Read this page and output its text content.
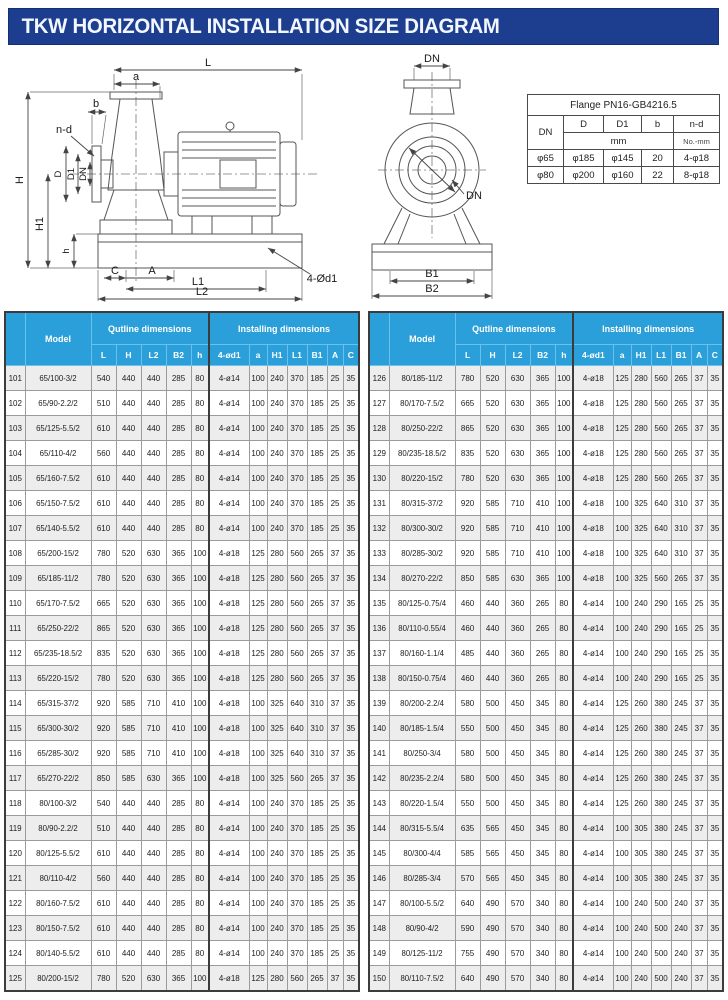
TKW HORIZONTAL INSTALLATION SIZE DIAGRAM
L
a
b
n-d
H
H1
D D1 DN
h
C	A
L1
L2
4-Ød1
DN
DN
B1
B2
Flange PN16-GB4216.5				
DN	D	D1	b	n-d
	mm			No.-mm
φ65	φ185	φ145	20	4-φ18
φ80	φ200	φ160	22	8-φ18
	Model	Qutline dimensions					Installing dimensions						
		L	H	L2	B2	h	4-ød1	a	H1	L1	B1	A	C
101	65/100-3/2	540	440	440	285	80	4-ø14	100	240	370	185	25	35
102	65/90-2.2/2	510	440	440	285	80	4-ø14	100	240	370	185	25	35
103	65/125-5.5/2	610	440	440	285	80	4-ø14	100	240	370	185	25	35
104	65/110-4/2	560	440	440	285	80	4-ø14	100	240	370	185	25	35
105	65/160-7.5/2	610	440	440	285	80	4-ø14	100	240	370	185	25	35
106	65/150-7.5/2	610	440	440	285	80	4-ø14	100	240	370	185	25	35
107	65/140-5.5/2	610	440	440	285	80	4-ø14	100	240	370	185	25	35
108	65/200-15/2	780	520	630	365	100	4-ø18	125	280	560	265	37	35
109	65/185-11/2	780	520	630	365	100	4-ø18	125	280	560	265	37	35
110	65/170-7.5/2	665	520	630	365	100	4-ø18	125	280	560	265	37	35
111	65/250-22/2	865	520	630	365	100	4-ø18	125	280	560	265	37	35
112	65/235-18.5/2	835	520	630	365	100	4-ø18	125	280	560	265	37	35
113	65/220-15/2	780	520	630	365	100	4-ø18	125	280	560	265	37	35
114	65/315-37/2	920	585	710	410	100	4-ø18	100	325	640	310	37	35
115	65/300-30/2	920	585	710	410	100	4-ø18	100	325	640	310	37	35
116	65/285-30/2	920	585	710	410	100	4-ø18	100	325	640	310	37	35
117	65/270-22/2	850	585	630	365	100	4-ø18	100	325	560	265	37	35
118	80/100-3/2	540	440	440	285	80	4-ø14	100	240	370	185	25	35
119	80/90-2.2/2	510	440	440	285	80	4-ø14	100	240	370	185	25	35
120	80/125-5.5/2	610	440	440	285	80	4-ø14	100	240	370	185	25	35
121	80/110-4/2	560	440	440	285	80	4-ø14	100	240	370	185	25	35
122	80/160-7.5/2	610	440	440	285	80	4-ø14	100	240	370	185	25	35
123	80/150-7.5/2	610	440	440	285	80	4-ø14	100	240	370	185	25	35
124	80/140-5.5/2	610	440	440	285	80	4-ø14	100	240	370	185	25	35
125	80/200-15/2	780	520	630	365	100	4-ø18	125	280	560	265	37	35
	Model	Qutline dimensions					Installing dimensions						
		L	H	L2	B2	h	4-ød1	a	H1	L1	B1	A	C
126	80/185-11/2	780	520	630	365	100	4-ø18	125	280	560	265	37	35
127	80/170-7.5/2	665	520	630	365	100	4-ø18	125	280	560	265	37	35
128	80/250-22/2	865	520	630	365	100	4-ø18	125	280	560	265	37	35
129	80/235-18.5/2	835	520	630	365	100	4-ø18	125	280	560	265	37	35
130	80/220-15/2	780	520	630	365	100	4-ø18	125	280	560	265	37	35
131	80/315-37/2	920	585	710	410	100	4-ø18	100	325	640	310	37	35
132	80/300-30/2	920	585	710	410	100	4-ø18	100	325	640	310	37	35
133	80/285-30/2	920	585	710	410	100	4-ø18	100	325	640	310	37	35
134	80/270-22/2	850	585	630	365	100	4-ø18	100	325	560	265	37	35
135	80/125-0.75/4	460	440	360	265	80	4-ø14	100	240	290	165	25	35
136	80/110-0.55/4	460	440	360	265	80	4-ø14	100	240	290	165	25	35
137	80/160-1.1/4	485	440	360	265	80	4-ø14	100	240	290	165	25	35
138	80/150-0.75/4	460	440	360	265	80	4-ø14	100	240	290	165	25	35
139	80/200-2.2/4	580	500	450	345	80	4-ø14	125	260	380	245	37	35
140	80/185-1.5/4	550	500	450	345	80	4-ø14	125	260	380	245	37	35
141	80/250-3/4	580	500	450	345	80	4-ø14	125	260	380	245	37	35
142	80/235-2.2/4	580	500	450	345	80	4-ø14	125	260	380	245	37	35
143	80/220-1.5/4	550	500	450	345	80	4-ø14	125	260	380	245	37	35
144	80/315-5.5/4	635	565	450	345	80	4-ø14	100	305	380	245	37	35
145	80/300-4/4	585	565	450	345	80	4-ø14	100	305	380	245	37	35
146	80/285-3/4	570	565	450	345	80	4-ø14	100	305	380	245	37	35
147	80/100-5.5/2	640	490	570	340	80	4-ø14	100	240	500	240	37	35
148	80/90-4/2	590	490	570	340	80	4-ø14	100	240	500	240	37	35
149	80/125-11/2	755	490	570	340	80	4-ø14	100	240	500	240	37	35
150	80/110-7.5/2	640	490	570	340	80	4-ø14	100	240	500	240	37	35
